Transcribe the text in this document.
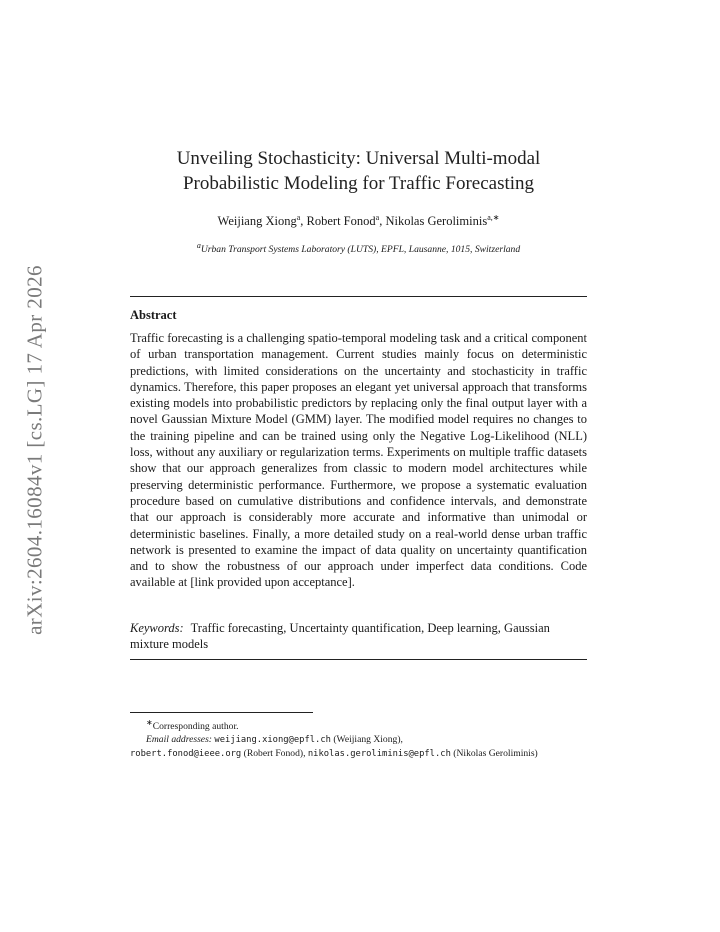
arXiv:2604.16084v1 [cs.LG] 17 Apr 2026
Unveiling Stochasticity: Universal Multi-modal
Probabilistic Modeling for Traffic Forecasting
Weijiang Xiong$^a$, Robert Fonod$^a$, Nikolas Geroliminis$^{a,∗}$
$^a$Urban Transport Systems Laboratory (LUTS), EPFL, Lausanne, 1015, Switzerland
Abstract
Traffic forecasting is a challenging spatio-temporal modeling task and a critical component of urban transportation management. Current studies mainly focus on deterministic predictions, with limited considerations on the uncertainty and stochasticity in traffic dynamics. Therefore, this paper proposes an elegant yet universal approach that transforms existing models into probabilistic predictors by replacing only the final output layer with a novel Gaussian Mixture Model (GMM) layer. The modified model requires no changes to the training pipeline and can be trained using only the Negative Log-Likelihood (NLL) loss, without any auxiliary or regularization terms. Experiments on multiple traffic datasets show that our approach generalizes from classic to modern model architectures while preserving deterministic performance. Furthermore, we propose a systematic evaluation procedure based on cumulative distributions and confidence intervals, and demonstrate that our approach is considerably more accurate and informative than unimodal or deterministic baselines. Finally, a more detailed study on a real-world dense urban traffic network is presented to examine the impact of data quality on uncertainty quantification and to show the robustness of our approach under imperfect data conditions. Code available at [link provided upon acceptance].
Keywords: Traffic forecasting, Uncertainty quantification, Deep learning, Gaussian mixture models
∗Corresponding author.
Email addresses: weijiang.xiong@epfl.ch (Weijiang Xiong),
robert.fonod@ieee.org (Robert Fonod), nikolas.geroliminis@epfl.ch (Nikolas Geroliminis)
